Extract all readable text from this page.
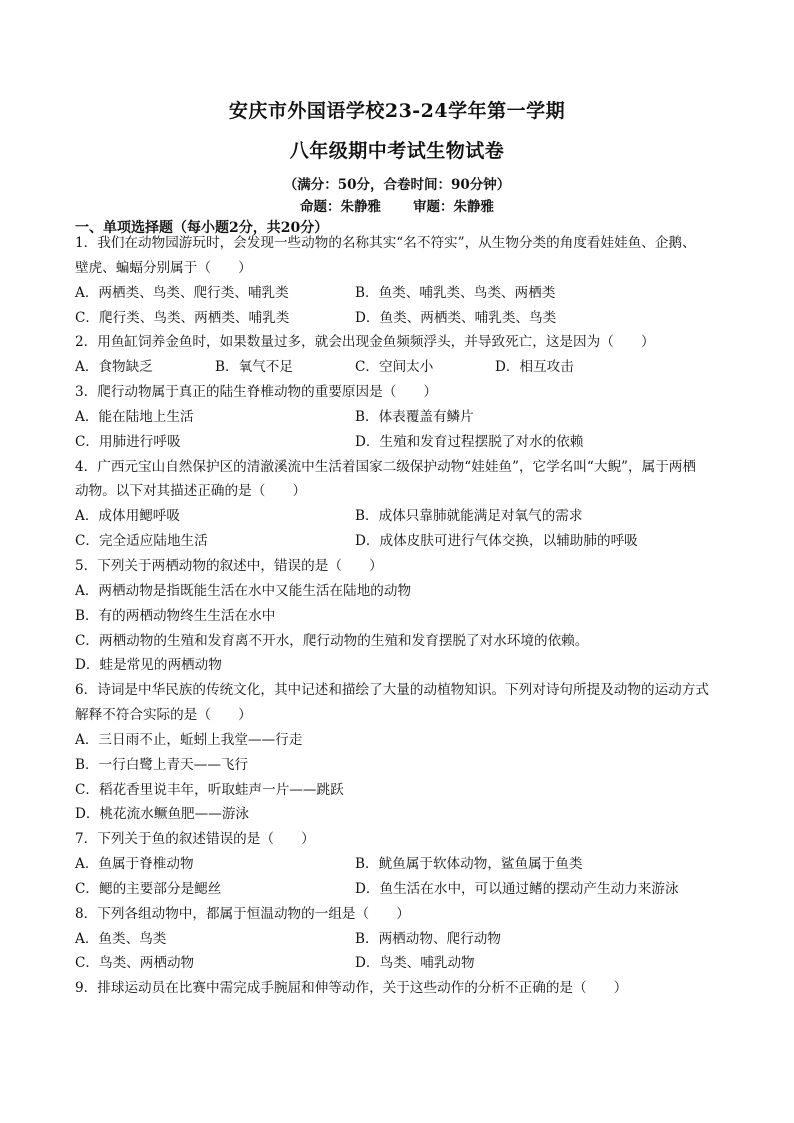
安庆市外国语学校23-24学年第一学期
八年级期中考试生物试卷
（满分：50分，合卷时间：90分钟）
命题：朱静雅 审题：朱静雅
一、单项选择题（每小题2分，共20分）
1．我们在动物园游玩时，会发现一些动物的名称其实“名不符实”，从生物分类的角度看娃娃鱼、企鹅、
壁虎、蝙蝠分别属于（　　）
A．两栖类、鸟类、爬行类、哺乳类	B．鱼类、哺乳类、鸟类、两栖类
C．爬行类、鸟类、两栖类、哺乳类	D．鱼类、两栖类、哺乳类、鸟类
2．用鱼缸饲养金鱼时，如果数量过多，就会出现金鱼频频浮头，并导致死亡，这是因为（　　）
A．食物缺乏	B．氧气不足	C．空间太小	D．相互攻击
3．爬行动物属于真正的陆生脊椎动物的重要原因是（　　）
A．能在陆地上生活	B．体表覆盖有鳞片
C．用肺进行呼吸	D．生殖和发育过程摆脱了对水的依赖
4．广西元宝山自然保护区的清澈溪流中生活着国家二级保护动物“娃娃鱼”，它学名叫“大鲵”，属于两栖
动物。以下对其描述正确的是（　　）
A．成体用鳃呼吸	B．成体只靠肺就能满足对氧气的需求
C．完全适应陆地生活	D．成体皮肤可进行气体交换，以辅助肺的呼吸
5．下列关于两栖动物的叙述中，错误的是（　　）
A．两栖动物是指既能生活在水中又能生活在陆地的动物
B．有的两栖动物终生生活在水中
C．两栖动物的生殖和发育离不开水，爬行动物的生殖和发育摆脱了对水环境的依赖。
D．蛙是常见的两栖动物
6．诗词是中华民族的传统文化，其中记述和描绘了大量的动植物知识。下列对诗句所提及动物的运动方式
解释不符合实际的是（　　）
A．三日雨不止，蚯蚓上我堂——行走
B．一行白鹭上青天——飞行
C．稻花香里说丰年，听取蛙声一片——跳跃
D．桃花流水鳜鱼肥——游泳
7．下列关于鱼的叙述错误的是（　　）
A．鱼属于脊椎动物	B．鱿鱼属于软体动物，鲨鱼属于鱼类
C．鳃的主要部分是鳃丝	D．鱼生活在水中，可以通过鳍的摆动产生动力来游泳
8．下列各组动物中，都属于恒温动物的一组是（　　）
A．鱼类、鸟类	B．两栖动物、爬行动物
C．鸟类、两栖动物	D．鸟类、哺乳动物
9．排球运动员在比赛中需完成手腕屈和伸等动作，关于这些动作的分析不正确的是（　　）
